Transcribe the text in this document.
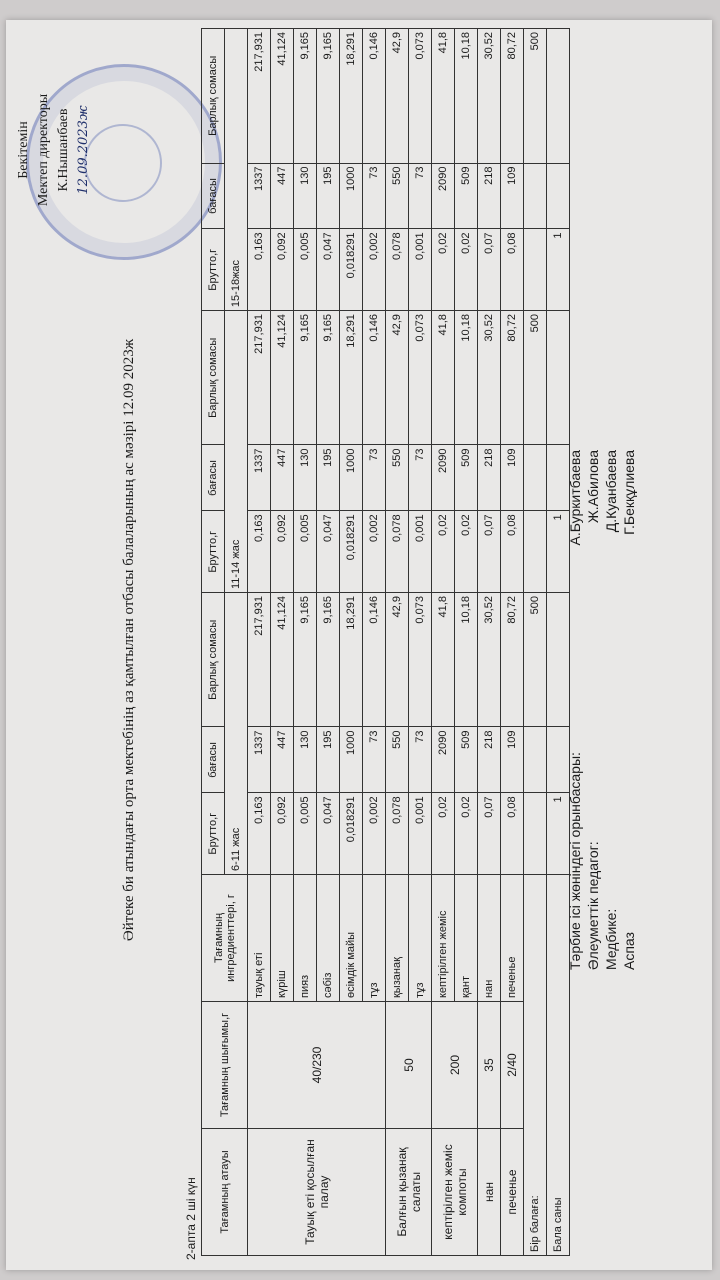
Бекітемін Мектеп директоры К.Нышанбаев 12.09.2023ж
Әйтеке би атындағы орта мектебінің аз қамтылған отбасы балаларының ас мәзірі 12.09 2023ж
2-апта 2 ші күн Тағамның атауы	Тағамның шығымы,г	Тағамның ингредиенттері, г	Брутто,г	бағасы	Барлық сомасы	Брутто,г	бағасы	Барлық сомасы	Брутто,г	бағасы	Барлық сомасы
			6-11 жас			11-14 жас			15-18жас		
Тауық еті қосылған палау	40/230	тауық еті	0,163	1337	217,931	0,163	1337	217,931	0,163	1337	217,931
		күріш	0,092	447	41,124	0,092	447	41,124	0,092	447	41,124
		пияз	0,005	130	9,165	0,005	130	9,165	0,005	130	9,165
		сәбіз	0,047	195	9,165	0,047	195	9,165	0,047	195	9,165
		өсімдік майы	0,018291	1000	18,291	0,018291	1000	18,291	0,018291	1000	18,291
		тұз	0,002	73	0,146	0,002	73	0,146	0,002	73	0,146
Балғын қызанақ салаты	50	қызанақ	0,078	550	42,9	0,078	550	42,9	0,078	550	42,9
		тұз	0,001	73	0,073	0,001	73	0,073	0,001	73	0,073
кептірілген жеміс компоты	200	кептірілген жеміс	0,02	2090	41,8	0,02	2090	41,8	0,02	2090	41,8
		қант	0,02	509	10,18	0,02	509	10,18	0,02	509	10,18
нан	35	нан	0,07	218	30,52	0,07	218	30,52	0,07	218	30,52
печенье	2/40	печенье	0,08	109	80,72	0,08	109	80,72	0,08	109	80,72
Бір балаға:					500			500			500
Бала саны			1			1			1		
Тәрбие ісі жөніндегі орынбасары:
А.Буркитбаева
Әлеуметтік педагог:
Ж.Абилова
Медбике:
Д.Куанбаева
Аспаз
Г.Бекқұлиева
